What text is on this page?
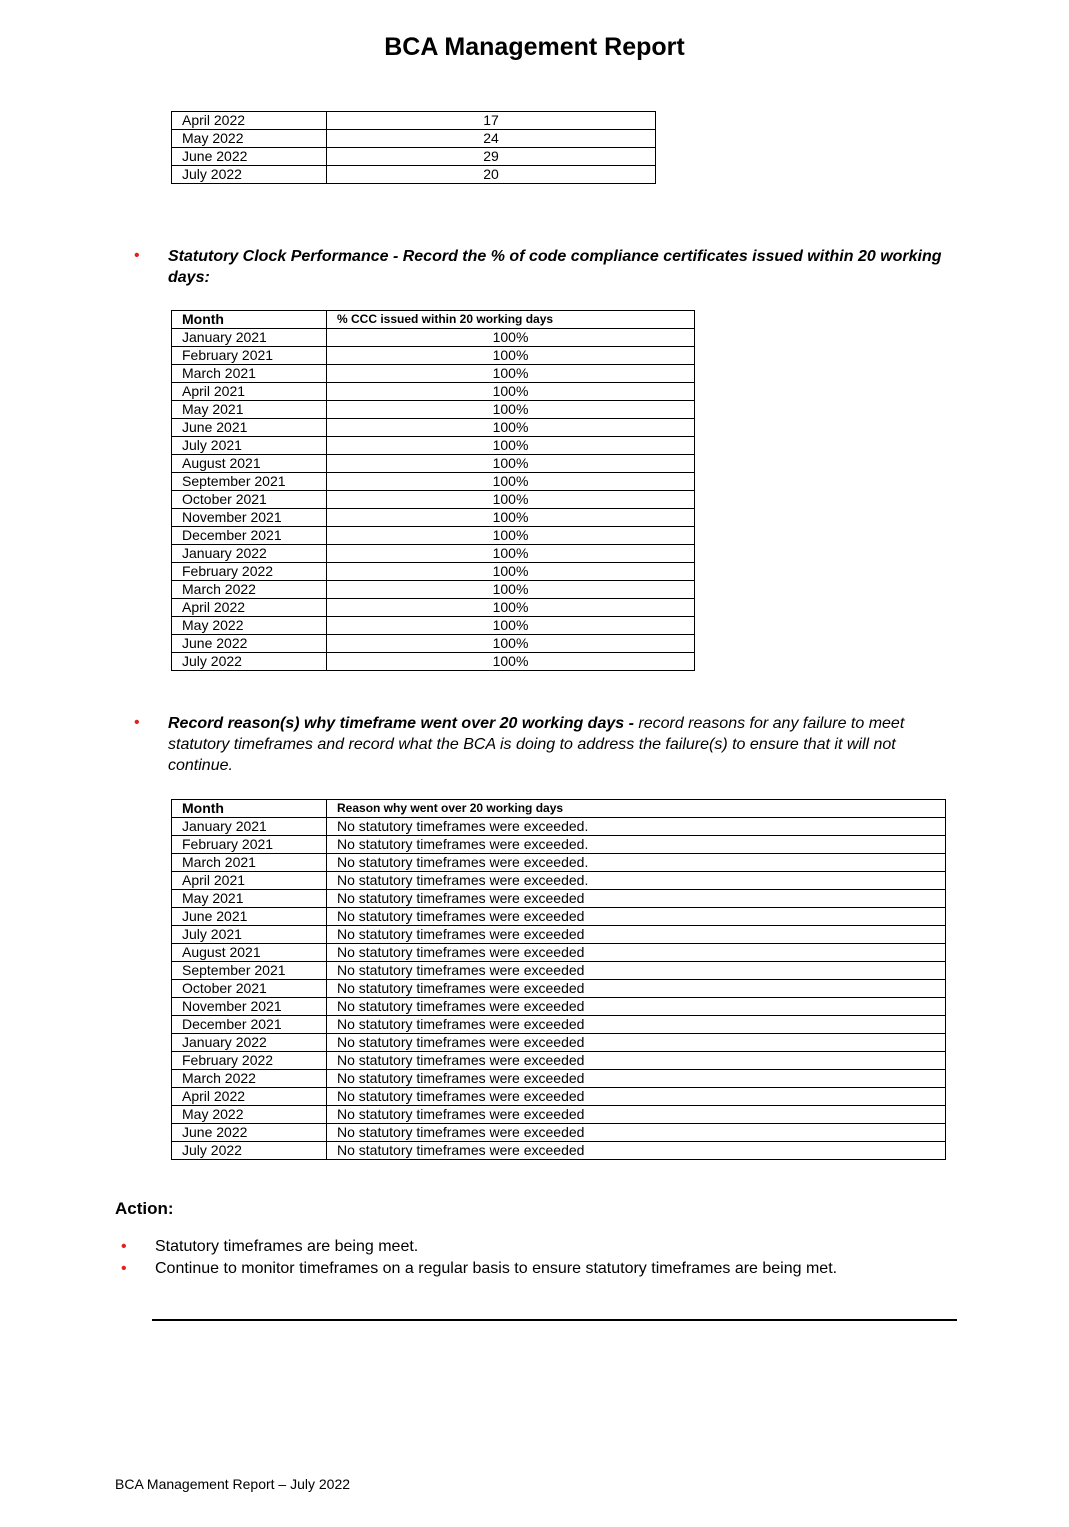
BCA Management Report
April 2022	17
May 2022	24
June 2022	29
July 2022	20
• Statutory Clock Performance - Record the % of code compliance certificates issued within 20 working days:
Month	% CCC issued within 20 working days
January 2021	100%
February 2021	100%
March 2021	100%
April 2021	100%
May 2021	100%
June 2021	100%
July 2021	100%
August 2021	100%
September 2021	100%
October 2021	100%
November 2021	100%
December 2021	100%
January 2022	100%
February 2022	100%
March 2022	100%
April 2022	100%
May 2022	100%
June 2022	100%
July 2022	100%
• Record reason(s) why timeframe went over 20 working days - record reasons for any failure to meet statutory timeframes and record what the BCA is doing to address the failure(s) to ensure that it will not continue.
Month	Reason why went over 20 working days
January 2021	No statutory timeframes were exceeded.
February 2021	No statutory timeframes were exceeded.
March 2021	No statutory timeframes were exceeded.
April 2021	No statutory timeframes were exceeded.
May 2021	No statutory timeframes were exceeded
June 2021	No statutory timeframes were exceeded
July 2021	No statutory timeframes were exceeded
August 2021	No statutory timeframes were exceeded
September 2021	No statutory timeframes were exceeded
October 2021	No statutory timeframes were exceeded
November 2021	No statutory timeframes were exceeded
December 2021	No statutory timeframes were exceeded
January 2022	No statutory timeframes were exceeded
February 2022	No statutory timeframes were exceeded
March 2022	No statutory timeframes were exceeded
April 2022	No statutory timeframes were exceeded
May 2022	No statutory timeframes were exceeded
June 2022	No statutory timeframes were exceeded
July 2022	No statutory timeframes were exceeded
Action:
• Statutory timeframes are being meet.
• Continue to monitor timeframes on a regular basis to ensure statutory timeframes are being met.
BCA Management Report – July 2022
